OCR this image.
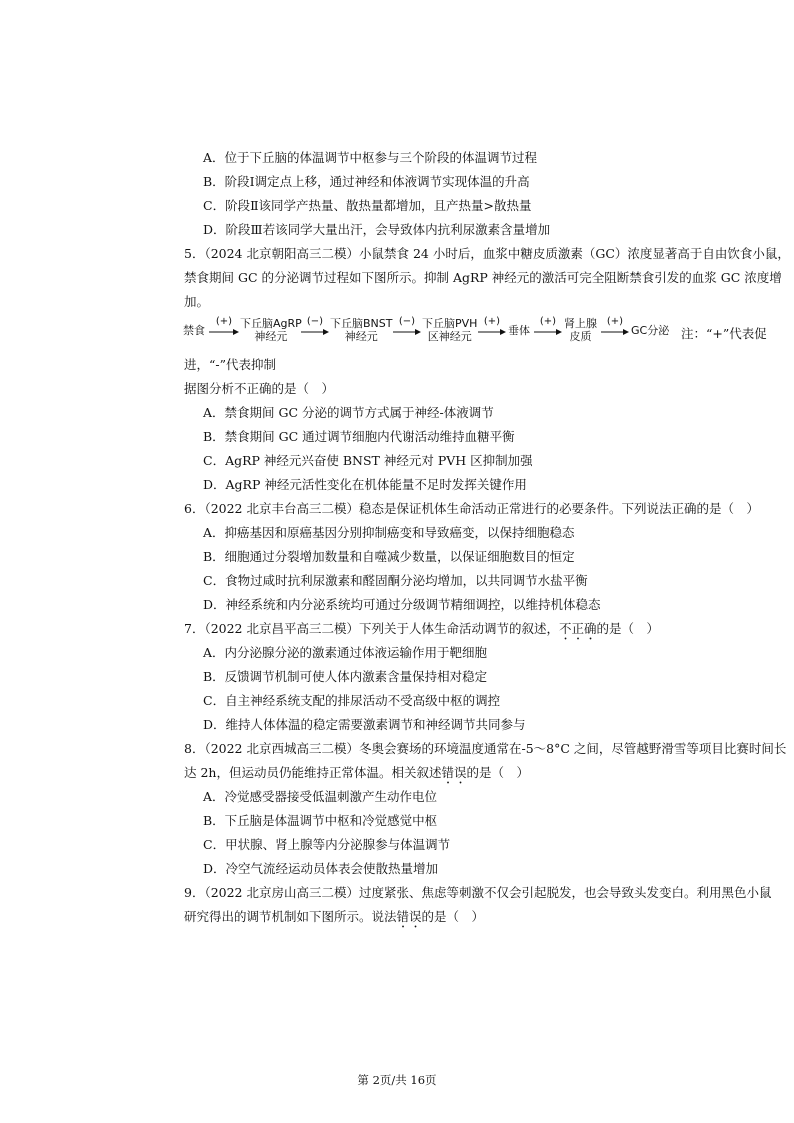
A．位于下丘脑的体温调节中枢参与三个阶段的体温调节过程
B．阶段Ⅰ调定点上移，通过神经和体液调节实现体温的升高
C．阶段Ⅱ该同学产热量、散热量都增加，且产热量>散热量
D．阶段Ⅲ若该同学大量出汗，会导致体内抗利尿激素含量增加
5．（2024 北京朝阳高三二模）小鼠禁食 24 小时后，血浆中糖皮质激素（GC）浓度显著高于自由饮食小鼠，
禁食期间 GC 的分泌调节过程如下图所示。抑制 AgRP 神经元的激活可完全阻断禁食引发的血浆 GC 浓度增
加。
禁食
(+) 下丘脑AgRP
神经元
(−) 下丘脑BNST
神经元
(−) 下丘脑PVH
区神经元
(+)
垂体
(+) 肾上腺
皮质
(+)
GC分泌 注：“+”代表促
进，“-”代表抑制
据图分析不正确的是（　）
A．禁食期间 GC 分泌的调节方式属于神经-体液调节
B．禁食期间 GC 通过调节细胞内代谢活动维持血糖平衡
C．AgRP 神经元兴奋使 BNST 神经元对 PVH 区抑制加强
D．AgRP 神经元活性变化在机体能量不足时发挥关键作用
6．（2022 北京丰台高三二模）稳态是保证机体生命活动正常进行的必要条件。下列说法正确的是（　）
A．抑癌基因和原癌基因分别抑制癌变和导致癌变，以保持细胞稳态
B．细胞通过分裂增加数量和自噬减少数量，以保证细胞数目的恒定
C．食物过咸时抗利尿激素和醛固酮分泌均增加，以共同调节水盐平衡
D．神经系统和内分泌系统均可通过分级调节精细调控，以维持机体稳态
7．（2022 北京昌平高三二模）下列关于人体生命活动调节的叙述，不正确的是（　）
A．内分泌腺分泌的激素通过体液运输作用于靶细胞
B．反馈调节机制可使人体内激素含量保持相对稳定
C．自主神经系统支配的排尿活动不受高级中枢的调控
D．维持人体体温的稳定需要激素调节和神经调节共同参与
8．（2022 北京西城高三二模）冬奥会赛场的环境温度通常在-5～8°C 之间，尽管越野滑雪等项目比赛时间长
达 2h，但运动员仍能维持正常体温。相关叙述错误的是（　）
A．冷觉感受器接受低温刺激产生动作电位
B．下丘脑是体温调节中枢和冷觉感觉中枢
C．甲状腺、肾上腺等内分泌腺参与体温调节
D．冷空气流经运动员体表会使散热量增加
9．（2022 北京房山高三二模）过度紧张、焦虑等刺激不仅会引起脱发，也会导致头发变白。利用黑色小鼠
研究得出的调节机制如下图所示。说法错误的是（　）
第 2页/共 16页
